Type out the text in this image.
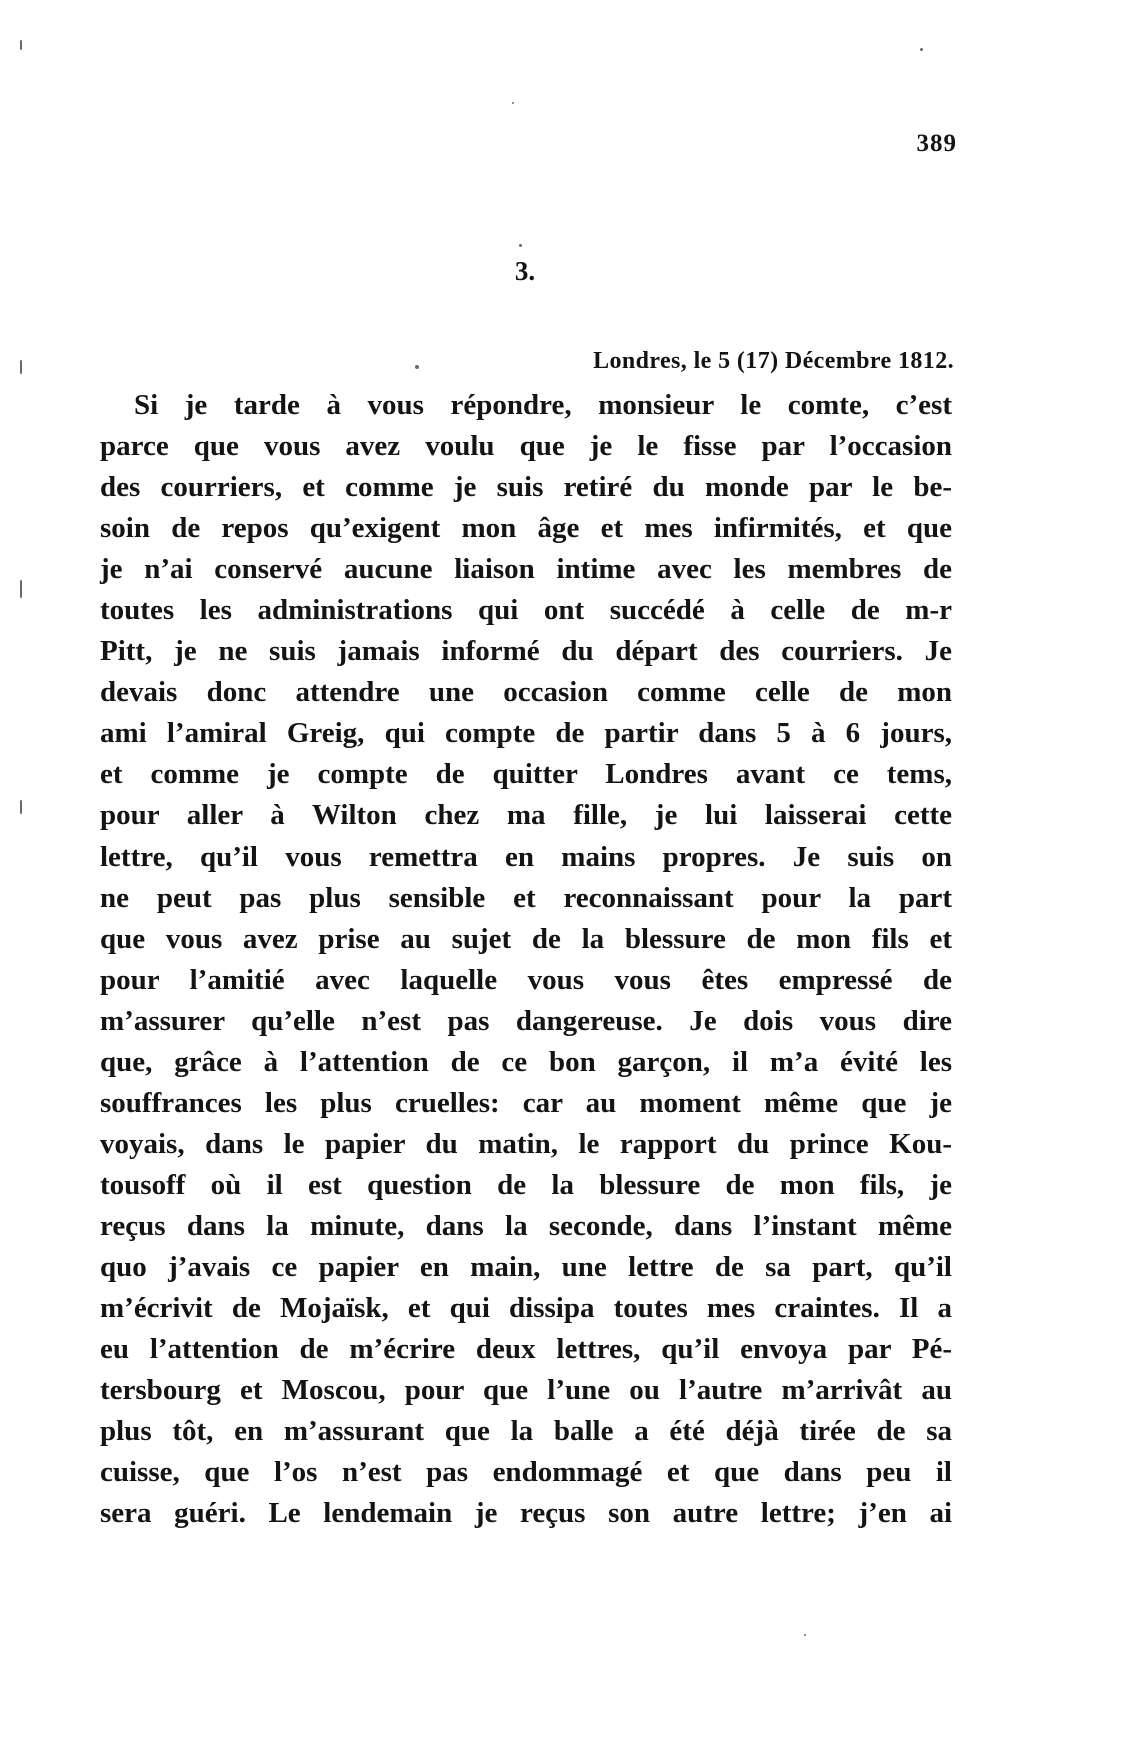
389
3.
Londres, le 5 (17) Décembre 1812.
Si je tarde à vous répondre, monsieur le comte, c’est
parce que vous avez voulu que je le fisse par l’occasion
des courriers, et comme je suis retiré du monde par le be-
soin de repos qu’exigent mon âge et mes infirmités, et que
je n’ai conservé aucune liaison intime avec les membres de
toutes les administrations qui ont succédé à celle de m-r
Pitt, je ne suis jamais informé du départ des courriers. Je
devais donc attendre une occasion comme celle de mon
ami l’amiral Greig, qui compte de partir dans 5 à 6 jours,
et comme je compte de quitter Londres avant ce tems,
pour aller à Wilton chez ma fille, je lui laisserai cette
lettre, qu’il vous remettra en mains propres. Je suis on
ne peut pas plus sensible et reconnaissant pour la part
que vous avez prise au sujet de la blessure de mon fils et
pour l’amitié avec laquelle vous vous êtes empressé de
m’assurer qu’elle n’est pas dangereuse. Je dois vous dire
que, grâce à l’attention de ce bon garçon, il m’a évité les
souffrances les plus cruelles: car au moment même que je
voyais, dans le papier du matin, le rapport du prince Kou-
tousoff où il est question de la blessure de mon fils, je
reçus dans la minute, dans la seconde, dans l’instant même
quo j’avais ce papier en main, une lettre de sa part, qu’il
m’écrivit de Mojaïsk, et qui dissipa toutes mes craintes. Il a
eu l’attention de m’écrire deux lettres, qu’il envoya par Pé-
tersbourg et Moscou, pour que l’une ou l’autre m’arrivât au
plus tôt, en m’assurant que la balle a été déjà tirée de sa
cuisse, que l’os n’est pas endommagé et que dans peu il
sera guéri. Le lendemain je reçus son autre lettre; j’en ai
